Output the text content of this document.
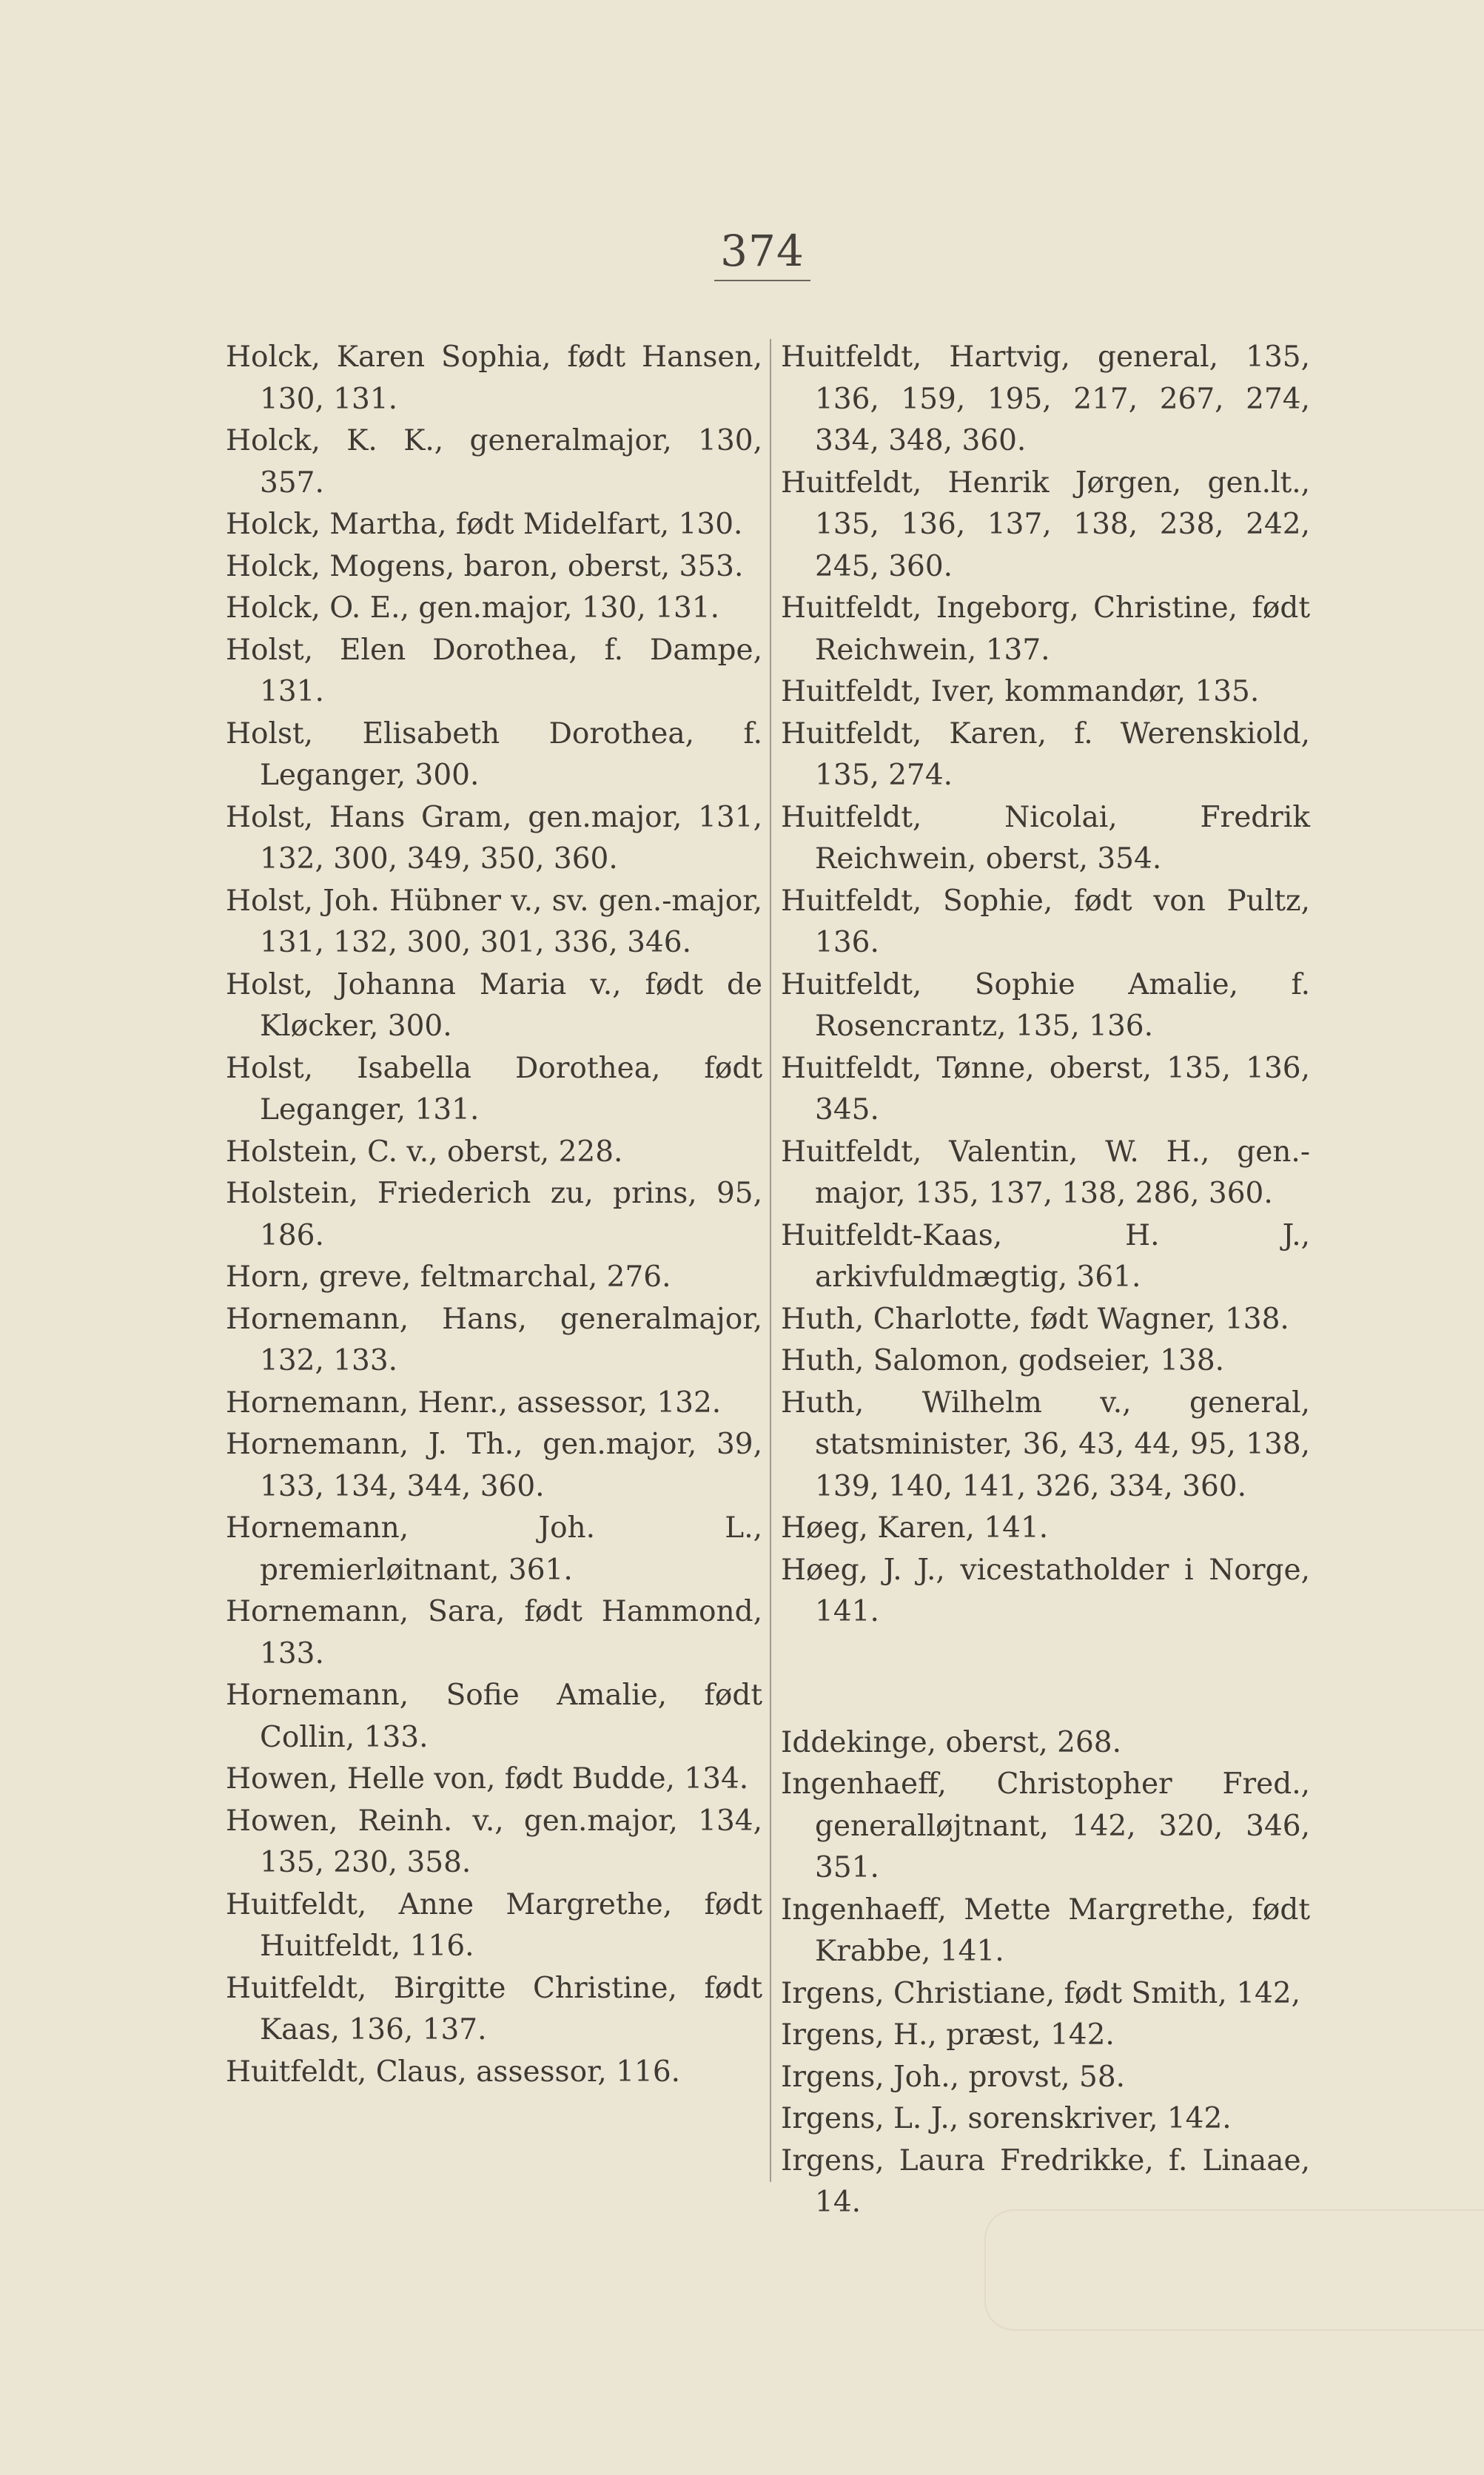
374

Holck, Karen Sophia, født Hansen, 130, 131.

Holck, K. K., generalmajor, 130, 357.

Holck, Martha, født Midelfart, 130.

Holck, Mogens, baron, oberst, 353.

Holck, O. E., gen.major, 130, 131.

Holst, Elen Dorothea, f. Dampe, 131.

Holst, Elisabeth Dorothea, f. Leganger, 300.

Holst, Hans Gram, gen.major, 131, 132, 300, 349, 350, 360.

Holst, Joh. Hübner v., sv. gen.-major, 131, 132, 300, 301, 336, 346.

Holst, Johanna Maria v., født de Kløcker, 300.

Holst, Isabella Dorothea, født Leganger, 131.

Holstein, C. v., oberst, 228.

Holstein, Friederich zu, prins, 95, 186.

Horn, greve, feltmarchal, 276.

Hornemann, Hans, generalmajor, 132, 133.

Hornemann, Henr., assessor, 132.

Hornemann, J. Th., gen.major, 39, 133, 134, 344, 360.

Hornemann, Joh. L., premierløitnant, 361.

Hornemann, Sara, født Hammond, 133.

Hornemann, Sofie Amalie, født Collin, 133.

Howen, Helle von, født Budde, 134.

Howen, Reinh. v., gen.major, 134, 135, 230, 358.

Huitfeldt, Anne Margrethe, født Huitfeldt, 116.

Huitfeldt, Birgitte Christine, født Kaas, 136, 137.

Huitfeldt, Claus, assessor, 116.

Huitfeldt, Hartvig, general, 135, 136, 159, 195, 217, 267, 274, 334, 348, 360.

Huitfeldt, Henrik Jørgen, gen.lt., 135, 136, 137, 138, 238, 242, 245, 360.

Huitfeldt, Ingeborg, Christine, født Reichwein, 137.

Huitfeldt, Iver, kommandør, 135.

Huitfeldt, Karen, f. Werenskiold, 135, 274.

Huitfeldt, Nicolai, Fredrik Reichwein, oberst, 354.

Huitfeldt, Sophie, født von Pultz, 136.

Huitfeldt, Sophie Amalie, f. Rosencrantz, 135, 136.

Huitfeldt, Tønne, oberst, 135, 136, 345.

Huitfeldt, Valentin, W. H., gen.-major, 135, 137, 138, 286, 360.

Huitfeldt-Kaas, H. J., arkivfuldmægtig, 361.

Huth, Charlotte, født Wagner, 138.

Huth, Salomon, godseier, 138.

Huth, Wilhelm v., general, statsminister, 36, 43, 44, 95, 138, 139, 140, 141, 326, 334, 360.

Høeg, Karen, 141.

Høeg, J. J., vicestatholder i Norge, 141.

Iddekinge, oberst, 268.

Ingenhaeff, Christopher Fred., generalløjtnant, 142, 320, 346, 351.

Ingenhaeff, Mette Margrethe, født Krabbe, 141.

Irgens, Christiane, født Smith, 142,

Irgens, H., præst, 142.

Irgens, Joh., provst, 58.

Irgens, L. J., sorenskriver, 142.

Irgens, Laura Fredrikke, f. Linaae, 14.
